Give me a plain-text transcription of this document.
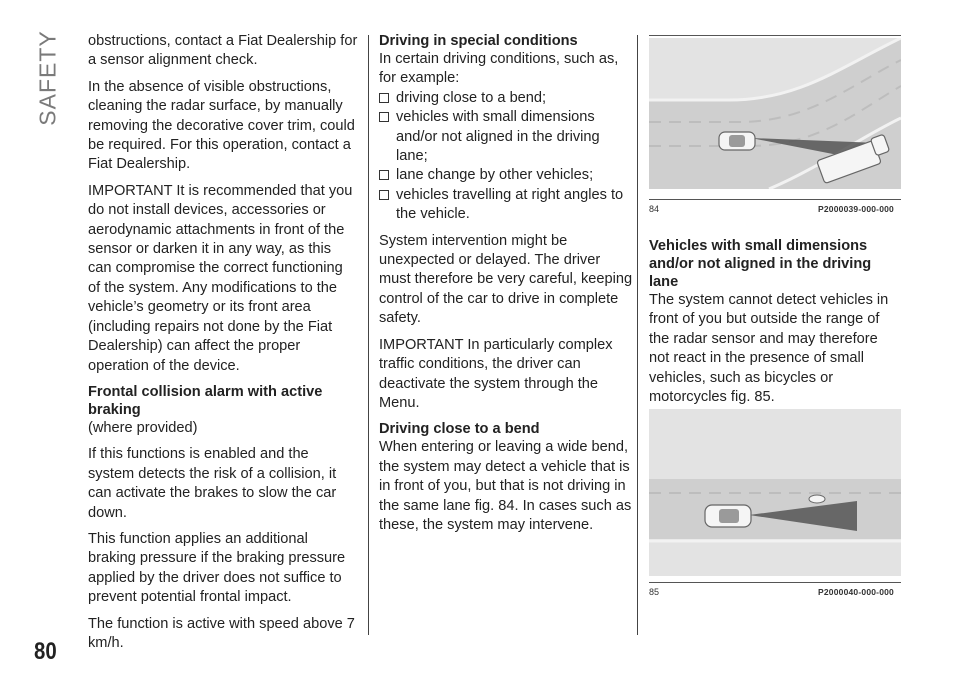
SAFETY
80

obstructions, contact a Fiat Dealership for a sensor alignment check.

In the absence of visible obstructions, cleaning the radar surface, by manually removing the decorative cover trim, could be required. For this operation, contact a Fiat Dealership.

IMPORTANT It is recommended that you do not install devices, accessories or aerodynamic attachments in front of the sensor or darken it in any way, as this can compromise the correct functioning of the system. Any modifications to the vehicle’s geometry or its front area (including repairs not done by the Fiat Dealership) can affect the proper operation of the device.

Frontal collision alarm with active braking

(where provided)

If this functions is enabled and the system detects the risk of a collision, it can activate the brakes to slow the car down.

This function applies an additional braking pressure if the braking pressure applied by the driver does not suffice to prevent potential frontal impact.

The function is active with speed above 7 km/h.

Driving in special conditions

In certain driving conditions, such as, for example:

driving close to a bend;
vehicles with small dimensions and/or not aligned in the driving lane;
lane change by other vehicles;
vehicles travelling at right angles to the vehicle.

System intervention might be unexpected or delayed. The driver must therefore be very careful, keeping control of the car to drive in complete safety.

IMPORTANT In particularly complex traffic conditions, the driver can deactivate the system through the Menu.

Driving close to a bend

When entering or leaving a wide bend, the system may detect a vehicle that is in front of you, but that is not driving in the same lane fig. 84. In cases such as these, the system may intervene.

84	P2000039-000-000
Vehicles with small dimensions and/or not aligned in the driving lane

The system cannot detect vehicles in front of you but outside the range of the radar sensor and may therefore not react in the presence of small vehicles, such as bicycles or motorcycles fig. 85.

85	P2000040-000-000
